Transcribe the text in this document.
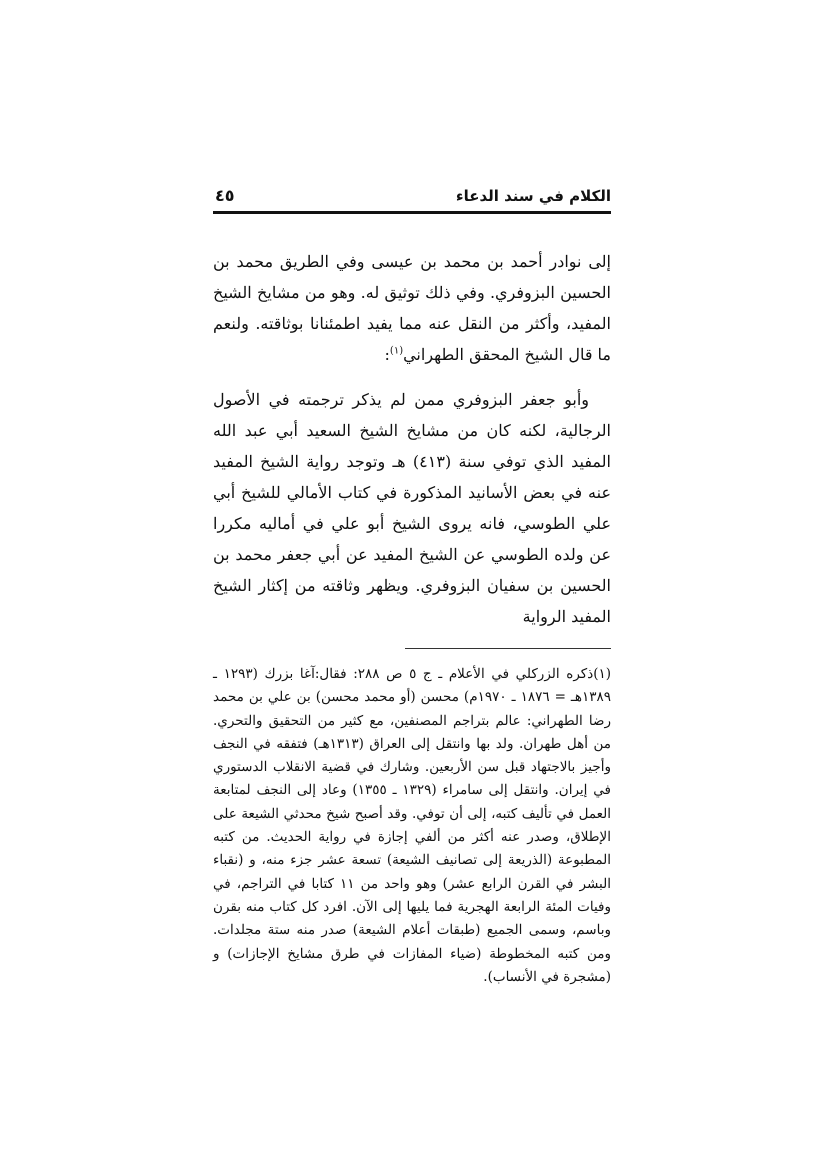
الكلام في سند الدعاء
٤٥

إلى نوادر أحمد بن محمد بن عيسى وفي الطريق محمد بن الحسين البزوفري. وفي ذلك توثيق له. وهو من مشايخ الشيخ المفيد، وأكثر من النقل عنه مما يفيد اطمئنانا بوثاقته. ولنعم ما قال الشيخ المحقق الطهراني$^{(١)}$:

وأبو جعفر البزوفري ممن لم يذكر ترجمته في الأصول الرجالية، لكنه كان من مشايخ الشيخ السعيد أبي عبد الله المفيد الذي توفي سنة (٤١٣) هـ وتوجد رواية الشيخ المفيد عنه في بعض الأسانيد المذكورة في كتاب الأمالي للشيخ أبي علي الطوسي، فانه يروى الشيخ أبو علي في أماليه مكررا عن ولده الطوسي عن الشيخ المفيد عن أبي جعفر محمد بن الحسين بن سفيان البزوفري. ويظهر وثاقته من إكثار الشيخ المفيد الرواية

(١)ذكره الزركلي في الأعلام ـ ج ٥ ص ٢٨٨: فقال:آغا بزرك (١٢٩٣ ـ ١٣٨٩هـ = ١٨٧٦ ـ ١٩٧٠م) محسن (أو محمد محسن) بن علي بن محمد رضا الطهراني: عالم بتراجم المصنفين، مع كثير من التحقيق والتحري. من أهل طهران. ولد بها وانتقل إلى العراق (١٣١٣هـ) فتفقه في النجف وأجيز بالاجتهاد قبل سن الأربعين. وشارك في قضية الانقلاب الدستوري في إيران. وانتقل إلى سامراء (١٣٢٩ ـ ١٣٥٥) وعاد إلى النجف لمتابعة العمل في تأليف كتبه، إلى أن توفي. وقد أصبح شيخ محدثي الشيعة على الإطلاق، وصدر عنه أكثر من ألفي إجازة في رواية الحديث. من كتبه المطبوعة (الذريعة إلى تصانيف الشيعة) تسعة عشر جزء منه، و (نقباء البشر في القرن الرابع عشر) وهو واحد من ١١ كتابا في التراجم، في وفيات المئة الرابعة الهجرية فما يليها إلى الآن. افرد كل كتاب منه بقرن وباسم، وسمى الجميع (طبقات أعلام الشيعة) صدر منه ستة مجلدات. ومن كتبه المخطوطة (ضياء المفازات في طرق مشايخ الإجازات) و (مشجرة في الأنساب).
